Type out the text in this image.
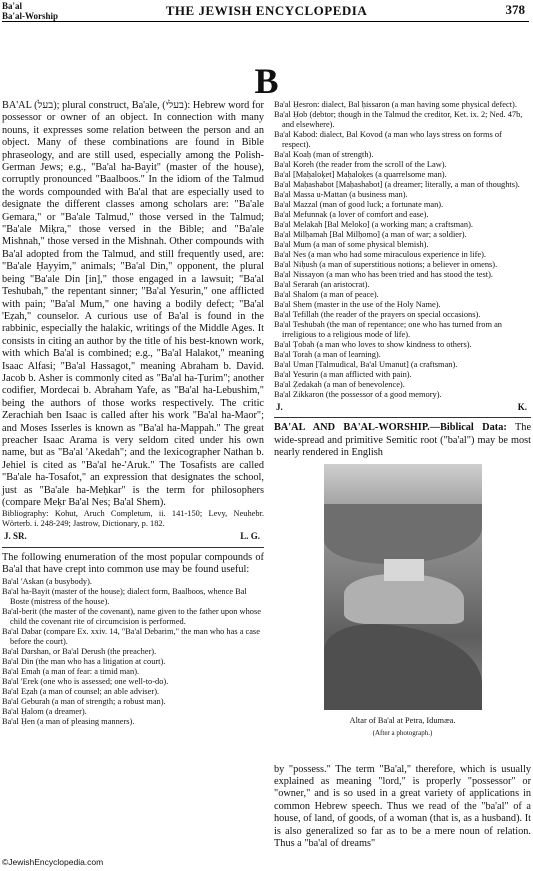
Ba'al
Ba'al-Worship	THE JEWISH ENCYCLOPEDIA	378
B

BA'AL (בעל); plural construct, Ba'ale, (בעלי): Hebrew word for possessor or owner of an object. In connection with many nouns, it expresses some relation between the person and an object. Many of these combinations are found in Bible phraseology, and are still used, especially among the Polish-German Jews; e.g., "Ba'al ha-Bayit" (master of the house), corruptly pronounced "Baalboos." In the idiom of the Talmud the words compounded with Ba'al that are especially used to designate the different classes among scholars are: "Ba'ale Gemara," or "Ba'ale Talmud," those versed in the Talmud; "Ba'ale Miḳra," those versed in the Bible; and "Ba'ale Mishnah," those versed in the Mishnah. Other compounds with Ba'al adopted from the Talmud, and still frequently used, are: "Ba'ale Ḥayyim," animals; "Ba'al Din," opponent, the plural being "Ba'ale Din [in]," those engaged in a lawsuit; "Ba'al Teshubah," the repentant sinner; "Ba'al Yesurin," one afflicted with pain; "Ba'al Mum," one having a bodily defect; "Ba'al 'Eẓah," counselor. A curious use of Ba'al is found in the rabbinic, especially the halakic, writings of the Middle Ages. It consists in citing an author by the title of his best-known work, with which Ba'al is combined; e.g., "Ba'al Halakot," meaning Isaac Alfasi; "Ba'al Hassagot," meaning Abraham b. David. Jacob b. Asher is commonly cited as "Ba'al ha-Ṭurim"; another codifier, Mordecai b. Abraham Yafe, as "Ba'al ha-Lebushim," being the authors of those works respectively. The critic Zerachiah ben Isaac is called after his work "Ba'al ha-Maor"; and Moses Isserles is known as "Ba'al ha-Mappah." The great preacher Isaac Arama is very seldom cited under his own name, but as "Ba'al 'Akedah"; and the lexicographer Nathan b. Jehiel is cited as "Ba'al he-'Aruk." The Tosafists are called "Ba'ale ha-Tosafot," an expression that designates the school, just as "Ba'ale ha-Meḥkar" is the term for philosophers (compare Meḳr Ba'al Nes; Ba'al Shem).

Bibliography: Kohut, Aruch Completum, ii. 141-150; Levy, Neuhebr. Wörterb. i. 248-249; Jastrow, Dictionary, p. 182.

J. SR.	L. G.

The following enumeration of the most popular compounds of Ba'al that have crept into common use may be found useful:

Ba'al 'Askan (a busybody).

Ba'al ha-Bayit (master of the house); dialect form, Baalboos, whence Bal Boste (mistress of the house).

Ba'al-berit (the master of the covenant), name given to the father upon whose child the covenant rite of circumcision is performed.

Ba'al Dabar (compare Ex. xxiv. 14, "Ba'al Debarim," the man who has a case before the court).

Ba'al Darshan, or Ba'al Derush (the preacher).

Ba'al Din (the man who has a litigation at court).

Ba'al Emah (a man of fear: a timid man).

Ba'al 'Erek (one who is assessed; one well-to-do).

Ba'al Eẓah (a man of counsel; an able adviser).

Ba'al Geburah (a man of strength; a robust man).

Ba'al Ḥalom (a dreamer).

Ba'al Ḥen (a man of pleasing manners).

Ba'al Ḥesron: dialect, Bal ḥissaron (a man having some physical defect).

Ba'al Ḥob (debtor; though in the Talmud the creditor, Ket. ix. 2; Ned. 47b, and elsewhere).

Ba'al Kabod: dialect, Bal Kovod (a man who lays stress on forms of respect).

Ba'al Koaḥ (man of strength).

Ba'al Koreh (the reader from the scroll of the Law).

Ba'al [Maḥaloḳet] Maḥaloḳes (a quarrelsome man).

Ba'al Maḥashabot [Maḥashabot] (a dreamer; literally, a man of thoughts).

Ba'al Massa u-Mattan (a business man).

Ba'al Mazzal (man of good luck; a fortunate man).

Ba'al Mefunnak (a lover of comfort and ease).

Ba'al Melakah [Bal Meloko] (a working man; a craftsman).

Ba'al Milḥamah [Bal Milḥomo] (a man of war; a soldier).

Ba'al Mum (a man of some physical blemish).

Ba'al Nes (a man who had some miraculous experience in life).

Ba'al Niḥush (a man of superstitious notions; a believer in omens).

Ba'al Nissayon (a man who has been tried and has stood the test).

Ba'al Serarah (an aristocrat).

Ba'al Shalom (a man of peace).

Ba'al Shem (master in the use of the Holy Name).

Ba'al Tefillah (the reader of the prayers on special occasions).

Ba'al Teshubah (the man of repentance; one who has turned from an irreligious to a religious mode of life).

Ba'al Ṭobah (a man who loves to show kindness to others).

Ba'al Torah (a man of learning).

Ba'al Uman [Talmudical, Ba'al Umanut] (a craftsman).

Ba'al Yesurin (a man afflicted with pain).

Ba'al Ẓedakah (a man of benevolence).

Ba'al Zikkaron (the possessor of a good memory).

J.	K.

BA'AL AND BA'AL-WORSHIP.—Biblical Data: The wide-spread and primitive Semitic root ("ba'al") may be most nearly rendered in English

Altar of Ba'al at Petra, Idumæa.
(After a photograph.)

by "possess." The term "Ba'al," therefore, which is usually explained as meaning "lord," is properly "possessor" or "owner," and is so used in a great variety of applications in common Hebrew speech. Thus we read of the "ba'al" of a house, of land, of goods, of a woman (that is, as a husband). It is also generalized so far as to be a mere noun of relation. Thus a "ba'al of dreams"

©JewishEncyclopedia.com
